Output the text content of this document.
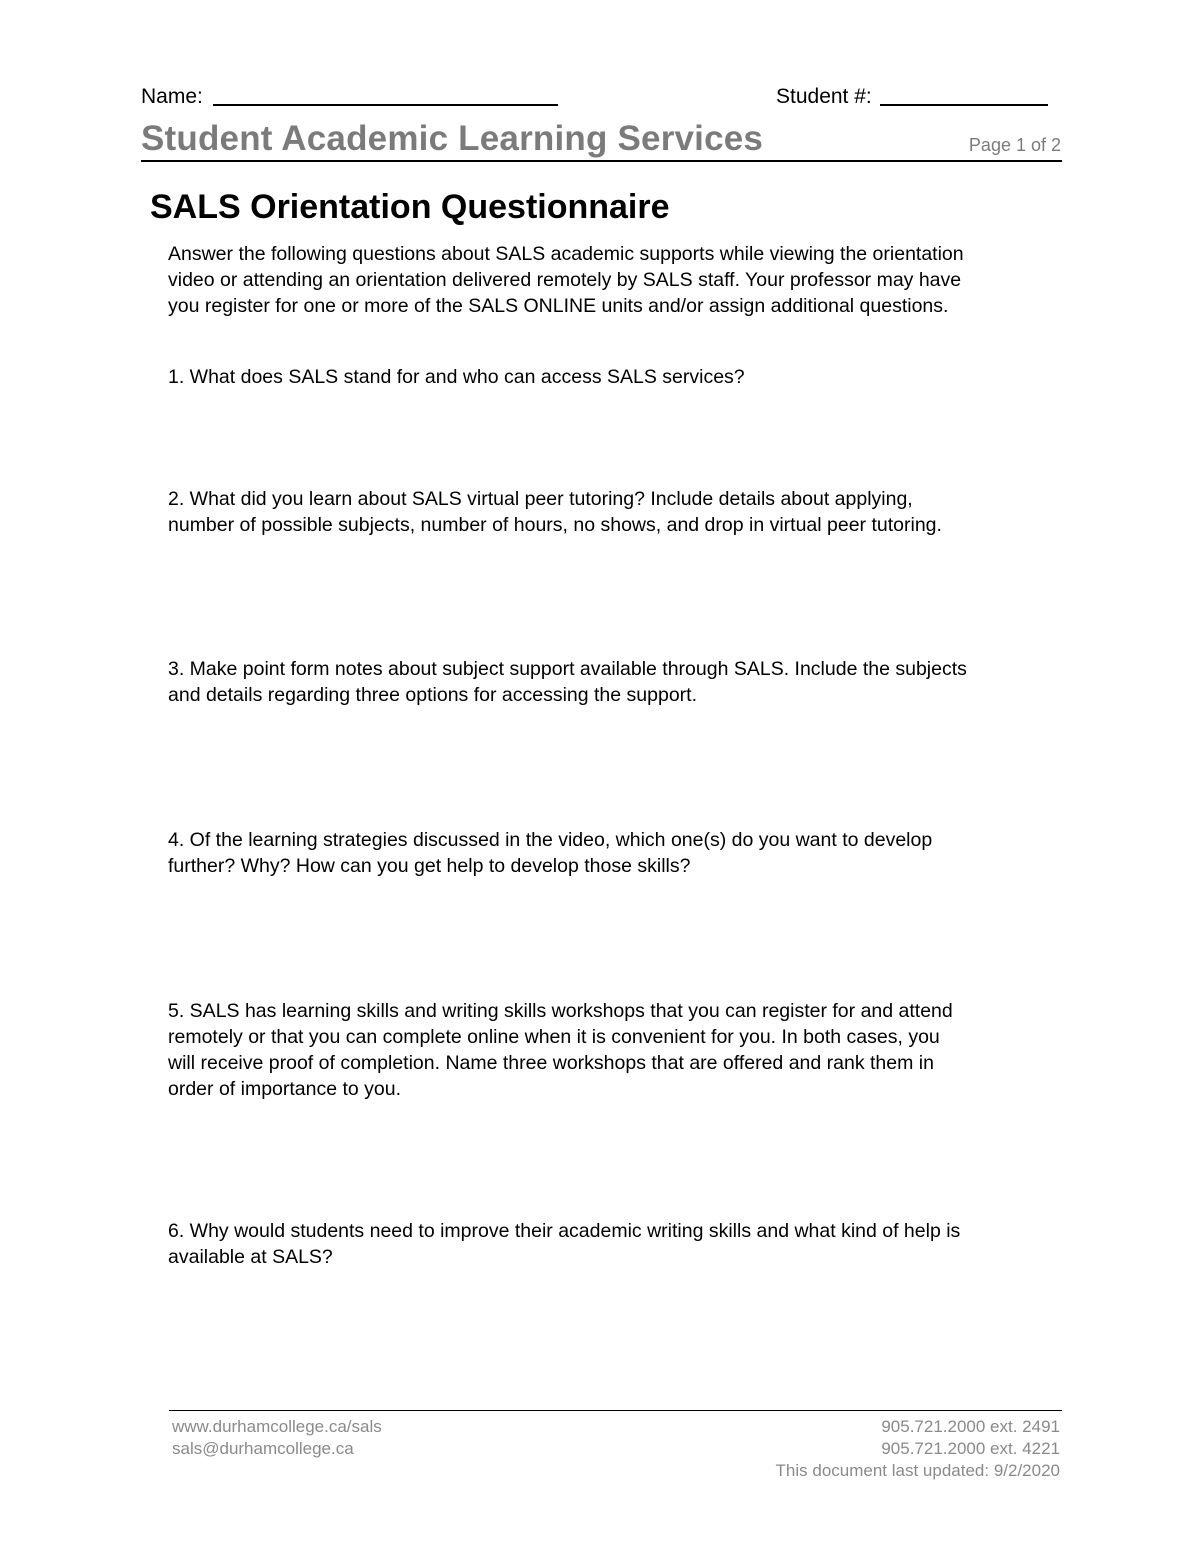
Name:	Student #:
Student Academic Learning Services	Page 1 of 2
SALS Orientation Questionnaire
Answer the following questions about SALS academic supports while viewing the orientation
video or attending an orientation delivered remotely by SALS staff. Your professor may have
you register for one or more of the SALS ONLINE units and/or assign additional questions.
1. What does SALS stand for and who can access SALS services?
2. What did you learn about SALS virtual peer tutoring? Include details about applying,
number of possible subjects, number of hours, no shows, and drop in virtual peer tutoring.
3. Make point form notes about subject support available through SALS. Include the subjects
and details regarding three options for accessing the support.
4. Of the learning strategies discussed in the video, which one(s) do you want to develop
further? Why? How can you get help to develop those skills?
5. SALS has learning skills and writing skills workshops that you can register for and attend
remotely or that you can complete online when it is convenient for you. In both cases, you
will receive proof of completion. Name three workshops that are offered and rank them in
order of importance to you.
6. Why would students need to improve their academic writing skills and what kind of help is
available at SALS?
www.durhamcollege.ca/sals
sals@durhamcollege.ca
905.721.2000 ext. 2491
905.721.2000 ext. 4221
This document last updated: 9/2/2020
